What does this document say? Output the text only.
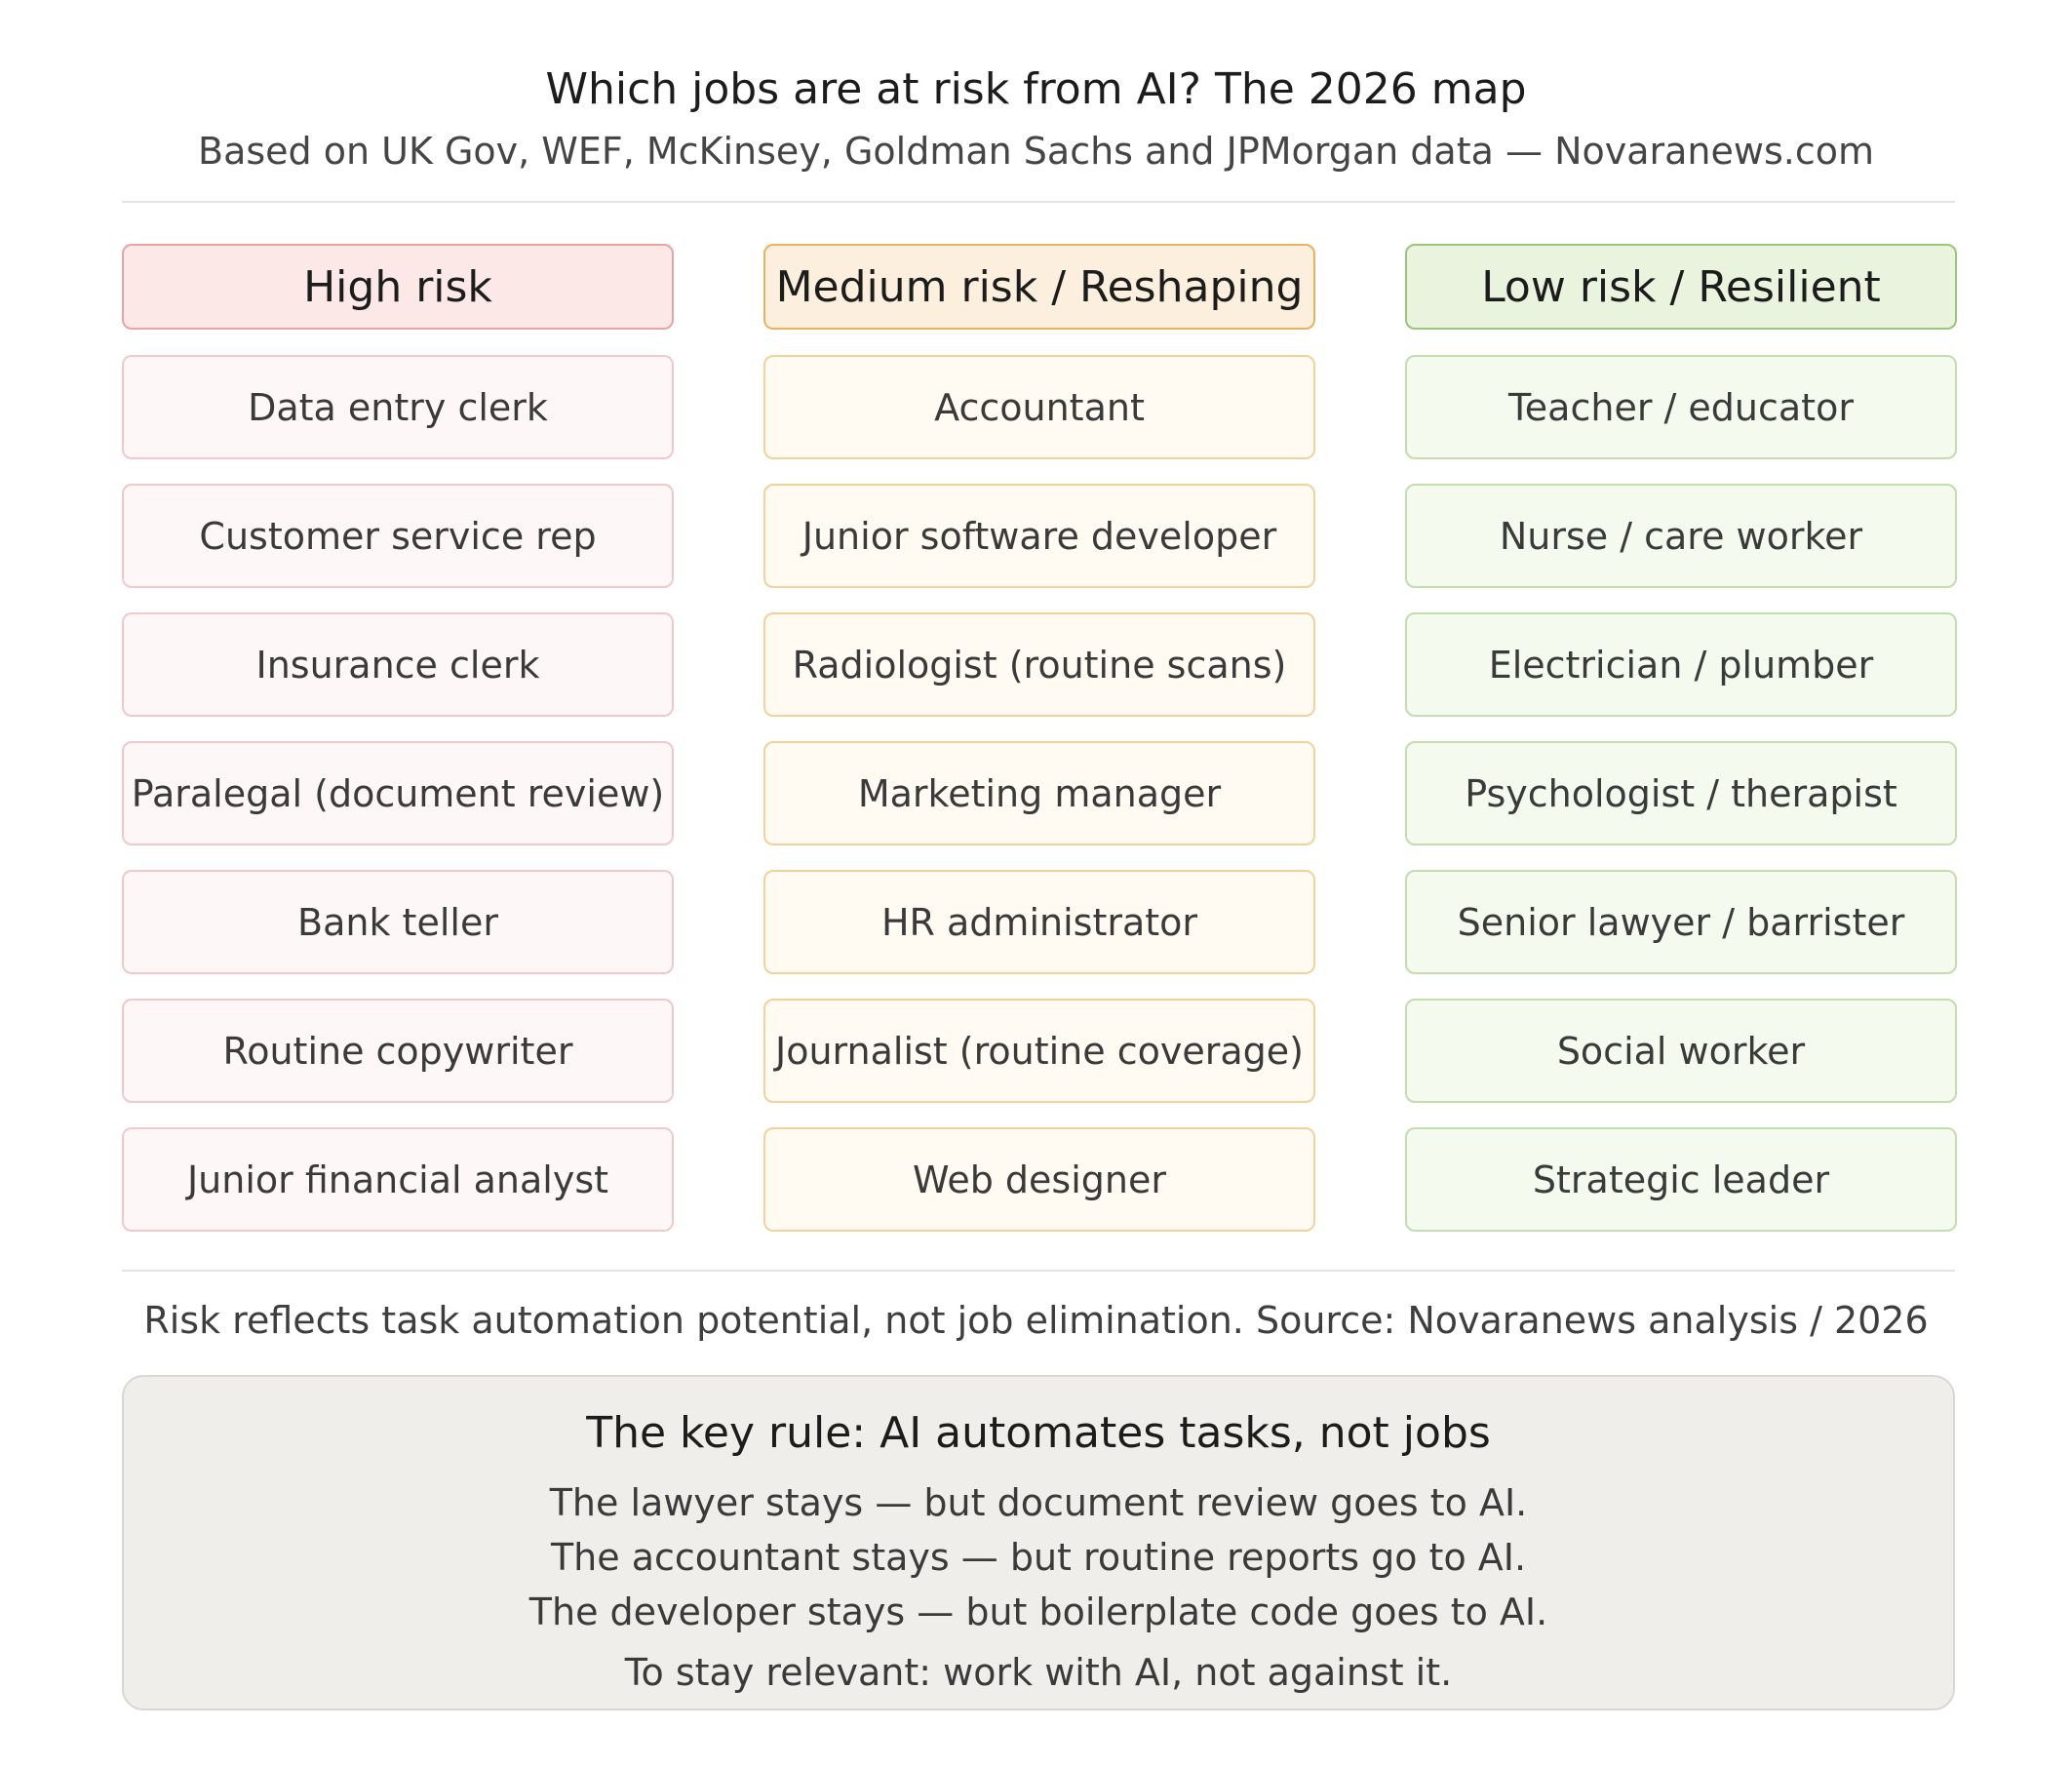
Which jobs are at risk from AI? The 2026 map
Based on UK Gov, WEF, McKinsey, Goldman Sachs and JPMorgan data — Novaranews.com
High risk
Data entry clerk
Customer service rep
Insurance clerk
Paralegal (document review)
Bank teller
Routine copywriter
Junior financial analyst
Medium risk / Reshaping
Accountant
Junior software developer
Radiologist (routine scans)
Marketing manager
HR administrator
Journalist (routine coverage)
Web designer
Low risk / Resilient
Teacher / educator
Nurse / care worker
Electrician / plumber
Psychologist / therapist
Senior lawyer / barrister
Social worker
Strategic leader
Risk reflects task automation potential, not job elimination. Source: Novaranews analysis / 2026
The key rule: AI automates tasks, not jobs
The lawyer stays — but document review goes to AI.
The accountant stays — but routine reports go to AI.
The developer stays — but boilerplate code goes to AI.
To stay relevant: work with AI, not against it.
